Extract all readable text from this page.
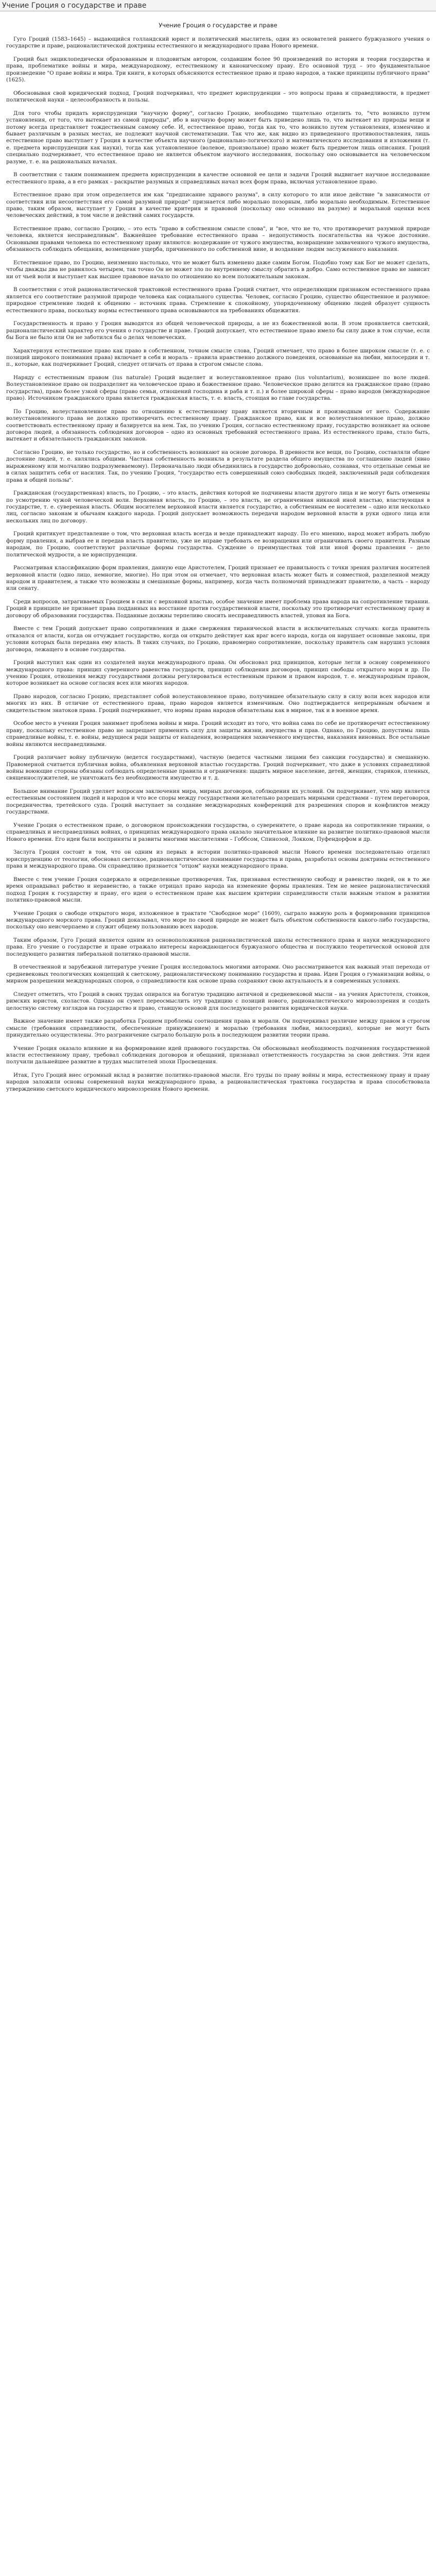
Учение Гроция о государстве и праве
Учение Гроция о государстве и праве

Гуго Гроций (1583–1645) – выдающийся голландский юрист и политический мыслитель, один из основателей раннего буржуазного учения о государстве и праве, рационалистической доктрины естественного и международного права Нового времени.

Гроций был энциклопедически образованным и плодовитым автором, создавшим более 90 произведений по истории и теории государства и права, проблематике войны и мира, международному, естественному и каноническому праву. Его основной труд – это фундаментальное произведение "О праве войны и мира. Три книги, в которых объясняются естественное право и право народов, а также принципы публичного права" (1625).

Обосновывая свой юридический подход, Гроций подчеркивал, что предмет юриспруденции – это вопросы права и справедливости, в предмет политической науки – целесообразность и пользы.

Для того чтобы придать юриспруденции "научную форму", согласно Гроцию, необходимо тщательно отделить то, "что возникло путем установления, от того, что вытекает из самой природы", ибо в научную форму может быть приведено лишь то, что вытекает из природы вещи и потому всегда представляет тождественным самому себе. И, естественное право, тогда как то, что возникло путем установления, изменчиво и бывает различным в разных местах, не подлежит научной систематизации. Так что же, как видно из приведенного противопоставления, лишь естественное право выступает у Гроция в качестве объекта научного (рационально-логического) и математического исследования и изложения (т. е. предмета юриспруденции как науки), тогда как установленное (волевое, произвольное) право может быть предметом лишь описания. Гроций специально подчеркивает, что естественное право не является объектом научного исследования, поскольку оно основывается на человеческом разуме, т. е. на рациональных началах.

В соответствии с таким пониманием предмета юриспруденции в качестве основной ее цели и задачи Гроций выдвигает научное исследование естественного права, а в его рамках – раскрытие разумных и справедливых начал всех форм права, включая установленное право.

Естественное право при этом определяется им как "предписание здравого разума", в силу которого то или иное действие "в зависимости от соответствия или несоответствия его самой разумной природе" признается либо морально позорным, либо морально необходимым. Естественное право, таким образом, выступает у Гроция в качестве критерия и правовой (поскольку оно основано на разуме) и моральной оценки всех человеческих действий, в том числе и действий самих государств.

Естественное право, согласно Гроцию, – это есть "право в собственном смысле слова", и "все, что не то, что противоречит разумной природе человека, является несправедливым". Важнейшее требование естественного права – недопустимость посягательства на чужое достояние. Основными правами человека по естественному праву являются: воздержание от чужого имущества, возвращение захваченного чужого имущества, обязанность соблюдать обещания, возмещение ущерба, причиненного по собственной вине, и воздаяние людям заслуженного наказания.

Естественное право, по Гроцию, неизменно настолько, что не может быть изменено даже самим Богом. Подобно тому как Бог не может сделать, чтобы дважды два не равнялось четырем, так точно Он не может зло по внутреннему смыслу обратить в добро. Само естественное право не зависит ни от чьей воли и выступает как высшее правовое начало по отношению ко всем положительным законам.

В соответствии с этой рационалистической трактовкой естественного права Гроций считает, что определяющим признаком естественного права является его соответствие разумной природе человека как социального существа. Человек, согласно Гроцию, существо общественное и разумное: природное стремление людей к общению – источник права. Стремление к спокойному, упорядоченному общению людей образует сущность естественного права, поскольку нормы естественного права основываются на требованиях общежития.

Государственность и право у Гроция выводятся из общей человеческой природы, а не из божественной воли. В этом проявляется светский, рационалистический характер его учения о государстве и праве. Гроций допускает, что естественное право имело бы силу даже в том случае, если бы Бога не было или Он не заботился бы о делах человеческих.

Характеризуя естественное право как право в собственном, точном смысле слова, Гроций отмечает, что право в более широком смысле (т. е. с позиций широкого понимания права) включает в себя и мораль – правила нравственно должного поведения, основанные на любви, милосердии и т. п., которые, как подчеркивает Гроций, следует отличать от права в строгом смысле слова.

Наряду с естественным правом (ius naturale) Гроций выделяет и волеустановленное право (ius voluntarium), возникшее по воле людей. Волеустановленное право он подразделяет на человеческое право и божественное право. Человеческое право делится на гражданское право (право государства), право более узкой сферы (право семьи, отношений господина и раба и т. п.) и более широкой сферы – право народов (международное право). Источником гражданского права является гражданская власть, т. е. власть, стоящая во главе государства.

По Гроцию, волеустановленное право по отношению к естественному праву является вторичным и производным от него. Содержание волеустановленного права не должно противоречить естественному праву. Гражданское право, как и все волеустановленное право, должно соответствовать естественному праву и базируется на нем. Так, по учению Гроция, согласно естественному праву, государство возникает на основе договора людей, а обязанность соблюдения договоров – одно из основных требований естественного права. Из естественного права, стало быть, вытекает и обязательность гражданских законов.

Согласно Гроцию, не только государство, но и собственность возникают на основе договора. В древности все вещи, по Гроцию, составляли общее достояние людей, т. е. являлись общими. Частная собственность возникла в результате раздела общего имущества по соглашению людей (явно выраженному или молчаливо подразумеваемому). Первоначально люди объединились в государство добровольно, сознавая, что отдельные семьи не в силах защитить себя от насилия. Так, по учению Гроция, "государство есть совершенный союз свободных людей, заключенный ради соблюдения права и общей пользы".

Гражданская (государственная) власть, по Гроцию, – это власть, действия которой не подчинены власти другого лица и не могут быть отменены по усмотрению чужой человеческой воли. Верховная власть, по Гроцию, – это власть, не ограниченная никакой иной властью, властвующая в государстве, т. е. суверенная власть. Общим носителем верховной власти является государство, а собственным ее носителем – одно или несколько лиц, согласно законам и обычаям каждого народа. Гроций допускает возможность передачи народом верховной власти в руки одного лица или нескольких лиц по договору.

Гроций критикует представление о том, что верховная власть всегда и везде принадлежит народу. По его мнению, народ может избрать любую форму правления, а выбрав ее и передав власть правителю, уже не вправе требовать ее возвращения или ограничивать своего правителя. Разным народам, по Гроцию, соответствуют различные формы государства. Суждение о преимуществах той или иной формы правления – дело политической мудрости, а не юриспруденции.

Рассматривая классификацию форм правления, данную еще Аристотелем, Гроций признает ее правильность с точки зрения различия носителей верховной власти (одно лицо, немногие, многие). Но при этом он отмечает, что верховная власть может быть и совместной, разделенной между народом и правителем, а также что возможны и смешанные формы, например, когда часть полномочий принадлежит правителю, а часть – народу или сенату.

Среди вопросов, затрагиваемых Гроцием в связи с верховной властью, особое значение имеет проблема права народа на сопротивление тирании. Гроций в принципе не признает права подданных на восстание против государственной власти, поскольку это противоречит естественному праву и договору об образовании государства. Подданные должны терпеливо сносить несправедливость властей, уповая на Бога.

Вместе с тем Гроций допускает право сопротивления и даже свержения тиранической власти в исключительных случаях: когда правитель отказался от власти, когда он отчуждает государство, когда он открыто действует как враг всего народа, когда он нарушает основные законы, при условии которых была передана ему власть. В таких случаях, по Гроцию, правомерно сопротивление, поскольку правитель сам нарушил условия договора, лежащего в основе государства.

Гроций выступил как один из создателей науки международного права. Он обосновал ряд принципов, которые легли в основу современного международного права: принцип суверенного равенства государств, принцип соблюдения договоров, принцип свободы открытого моря и др. По учению Гроция, отношения между государствами должны регулироваться естественным правом и правом народов, т. е. международным правом, которое возникает на основе согласия всех или многих народов.

Право народов, согласно Гроцию, представляет собой волеустановленное право, получившее обязательную силу в силу воли всех народов или многих из них. В отличие от естественного права, право народов является изменчивым. Оно подтверждается непрерывным обычаем и свидетельством знатоков права. Гроций подчеркивает, что нормы права народов обязательны как в мирное, так и в военное время.

Особое место в учении Гроция занимает проблема войны и мира. Гроций исходит из того, что война сама по себе не противоречит естественному праву, поскольку естественное право не запрещает применять силу для защиты жизни, имущества и прав. Однако, по Гроцию, допустимы лишь справедливые войны, т. е. войны, ведущиеся ради защиты от нападения, возвращения захваченного имущества, наказания виновных. Все остальные войны являются несправедливыми.

Гроций различает войну публичную (ведется государствами), частную (ведется частными лицами без санкции государства) и смешанную. Правомерной считается публичная война, объявленная верховной властью государства. Гроций подчеркивает, что даже в условиях справедливой войны воюющие стороны обязаны соблюдать определенные правила и ограничения: щадить мирное население, детей, женщин, стариков, пленных, священнослужителей, не уничтожать без необходимости имущество и т. д.

Большое внимание Гроций уделяет вопросам заключения мира, мирных договоров, соблюдения их условий. Он подчеркивает, что мир является естественным состоянием людей и народов и что все споры между государствами желательно разрешать мирными средствами – путем переговоров, посредничества, третейского суда. Гроций выступает за создание международных конференций для разрешения споров и конфликтов между государствами.

Учение Гроция о естественном праве, о договорном происхождении государства, о суверенитете, о праве народа на сопротивление тирании, о справедливых и несправедливых войнах, о принципах международного права оказало значительное влияние на развитие политико-правовой мысли Нового времени. Его идеи были восприняты и развиты многими мыслителями – Гоббсом, Спинозой, Локком, Пуфендорфом и др.

Заслуга Гроция состоит в том, что он одним из первых в истории политико-правовой мысли Нового времени последовательно отделил юриспруденцию от теологии, обосновал светское, рационалистическое понимание государства и права, разработал основы доктрины естественного права и международного права. Он справедливо признается "отцом" науки международного права.

Вместе с тем учение Гроция содержало и определенные противоречия. Так, признавая естественную свободу и равенство людей, он в то же время оправдывал рабство и неравенство, а также отрицал право народа на изменение формы правления. Тем не менее рационалистический подход Гроция к государству и праву, его идеи о естественном праве как высшем критерии справедливости стали важным этапом в развитии политико-правовой мысли.

Учение Гроция о свободе открытого моря, изложенное в трактате "Свободное море" (1609), сыграло важную роль в формировании принципов международного морского права. Гроций доказывал, что море по своей природе не может быть объектом собственности какого-либо государства, поскольку оно неисчерпаемо и служит общему пользованию всех народов.

Таким образом, Гуго Гроций является одним из основоположников рационалистической школы естественного права и науки международного права. Его учение о государстве и праве отражало интересы нарождающегося буржуазного общества и послужило теоретической основой для последующего развития либеральной политико-правовой мысли.

В отечественной и зарубежной литературе учение Гроция исследовалось многими авторами. Оно рассматривается как важный этап перехода от средневековых теологических концепций к светскому, рационалистическому пониманию государства и права. Идеи Гроция о гуманизации войны, о мирном разрешении международных споров, о справедливости как основе права сохраняют свою актуальность и в современных условиях.

Следует отметить, что Гроций в своих трудах опирался на богатую традицию античной и средневековой мысли – на учения Аристотеля, стоиков, римских юристов, схоластов. Однако он сумел переосмыслить эту традицию с позиций нового, рационалистического мировоззрения и создать целостную систему взглядов на государство и право, ставшую основой для последующего развития юридической науки.

Важное значение имеет также разработка Гроцием проблемы соотношения права и морали. Он подчеркивал различие между правом в строгом смысле (требования справедливости, обеспеченные принуждением) и моралью (требования любви, милосердия), которые не могут быть принудительно осуществлены. Это разграничение сыграло большую роль в последующем развитии теории права.

Учение Гроция оказало влияние и на формирование идей правового государства. Он обосновывал необходимость подчинения государственной власти естественному праву, требовал соблюдения договоров и обещаний, признавал ответственность государства за свои действия. Эти идеи получили дальнейшее развитие в трудах мыслителей эпохи Просвещения.

Итак, Гуго Гроций внес огромный вклад в развитие политико-правовой мысли. Его труды по праву войны и мира, естественному праву и праву народов заложили основы современной науки международного права, а рационалистическая трактовка государства и права способствовала утверждению светского юридического мировоззрения Нового времени.
